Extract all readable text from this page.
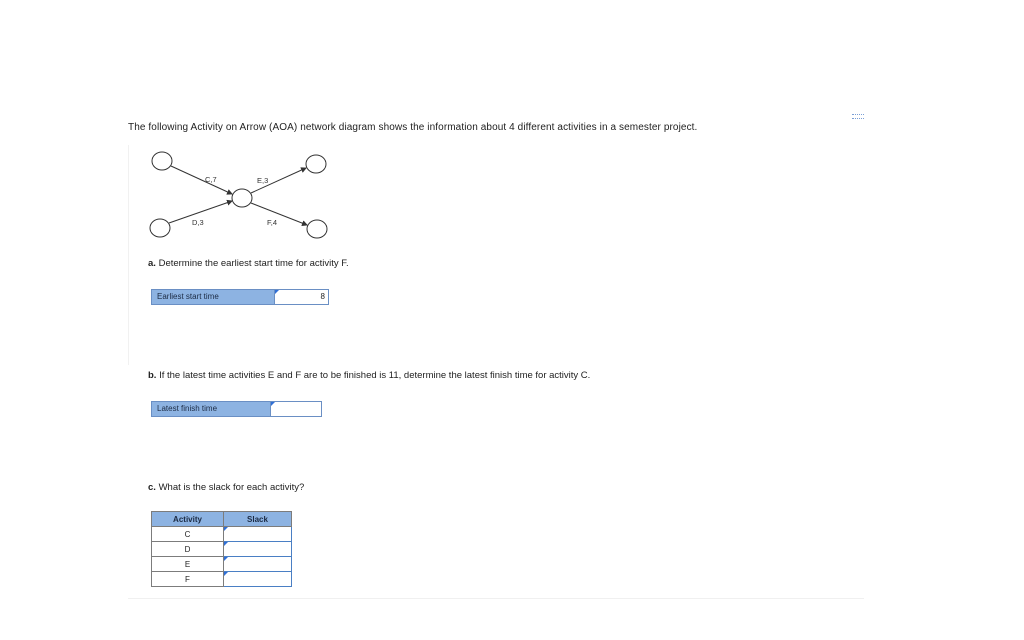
The following Activity on Arrow (AOA) network diagram shows the information about 4 different activities in a semester project.
C,7	E,3
D,3	F,4
a. Determine the earliest start time for activity F.
Earliest start time	8
b. If the latest time activities E and F are to be finished is 11, determine the latest finish time for activity C.
Latest finish time
c. What is the slack for each activity?
Activity	Slack
C	

D	

E	

F	
